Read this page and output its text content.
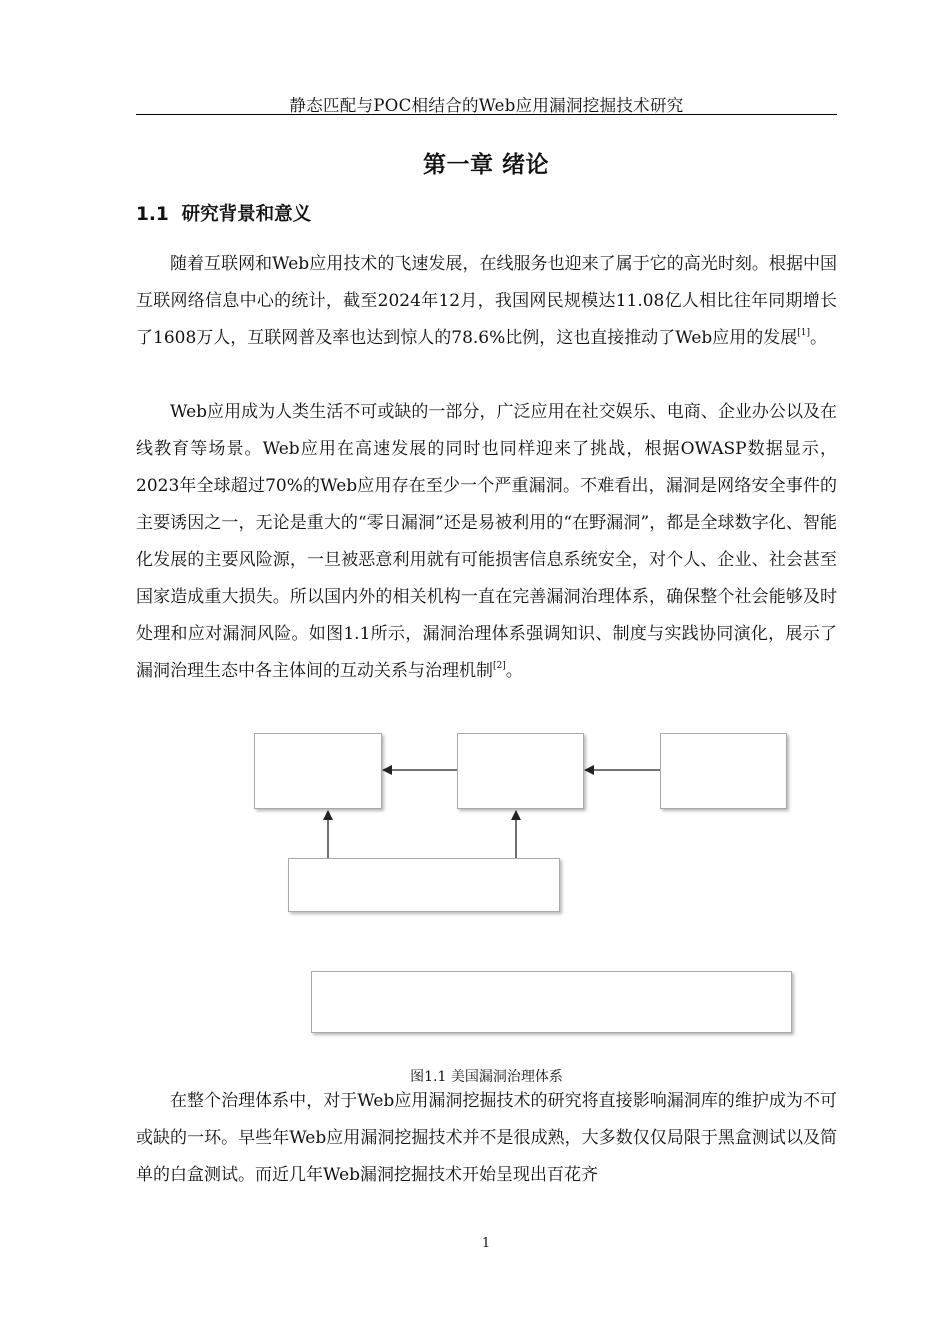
静态匹配与POC相结合的Web应用漏洞挖掘技术研究
第一章 绪论
1.1 研究背景和意义

随着互联网和Web应用技术的飞速发展，在线服务也迎来了属于它的高光时刻。根据中国互联网络信息中心的统计，截至2024年12月，我国网民规模达11.08亿人相比往年同期增长了1608万人，互联网普及率也达到惊人的78.6%比例，这也直接推动了Web应用的发展[1]。

Web应用成为人类生活不可或缺的一部分，广泛应用在社交娱乐、电商、企业办公以及在线教育等场景。Web应用在高速发展的同时也同样迎来了挑战，根据OWASP数据显示，2023年全球超过70%的Web应用存在至少一个严重漏洞。不难看出，漏洞是网络安全事件的主要诱因之一，无论是重大的“零日漏洞”还是易被利用的“在野漏洞”，都是全球数字化、智能化发展的主要风险源，一旦被恶意利用就有可能损害信息系统安全，对个人、企业、社会甚至国家造成重大损失。所以国内外的相关机构一直在完善漏洞治理体系，确保整个社会能够及时处理和应对漏洞风险。如图1.1所示，漏洞治理体系强调知识、制度与实践协同演化，展示了漏洞治理生态中各主体间的互动关系与治理机制[2]。

图1.1 美国漏洞治理体系

在整个治理体系中，对于Web应用漏洞挖掘技术的研究将直接影响漏洞库的维护成为不可或缺的一环。早些年Web应用漏洞挖掘技术并不是很成熟，大多数仅仅局限于黑盒测试以及简单的白盒测试。而近几年Web漏洞挖掘技术开始呈现出百花齐

1
